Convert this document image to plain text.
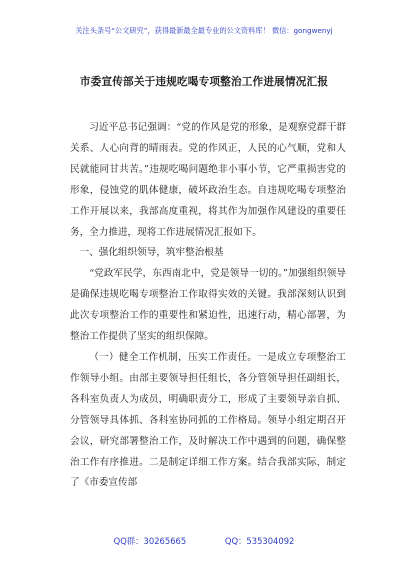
关注头条号“公文研究”，获得最新最全最专业的公文资料库！ 微信：gongwenyj
市委宣传部关于违规吃喝专项整治工作进展情况汇报

习近平总书记强调：“党的作风是党的形象，是观察党群干群关系、人心向背的晴雨表。党的作风正，人民的心气顺，党和人民就能同甘共苦。”违规吃喝问题绝非小事小节，它严重损害党的形象，侵蚀党的肌体健康，破坏政治生态。自违规吃喝专项整治工作开展以来，我部高度重视，将其作为加强作风建设的重要任务，全力推进，现将工作进展情况汇报如下。

一、强化组织领导，筑牢整治根基

“党政军民学，东西南北中，党是领导一切的。”加强组织领导是确保违规吃喝专项整治工作取得实效的关键。我部深刻认识到此次专项整治工作的重要性和紧迫性，迅速行动，精心部署，为整治工作提供了坚实的组织保障。

（一）健全工作机制，压实工作责任。一是成立专项整治工作领导小组。由部主要领导担任组长，各分管领导担任副组长，各科室负责人为成员，明确职责分工，形成了主要领导亲自抓、分管领导具体抓、各科室协同抓的工作格局。领导小组定期召开会议，研究部署整治工作，及时解决工作中遇到的问题，确保整治工作有序推进。二是制定详细工作方案。结合我部实际，制定了《市委宣传部

QQ群：30265665	QQ：535304092
